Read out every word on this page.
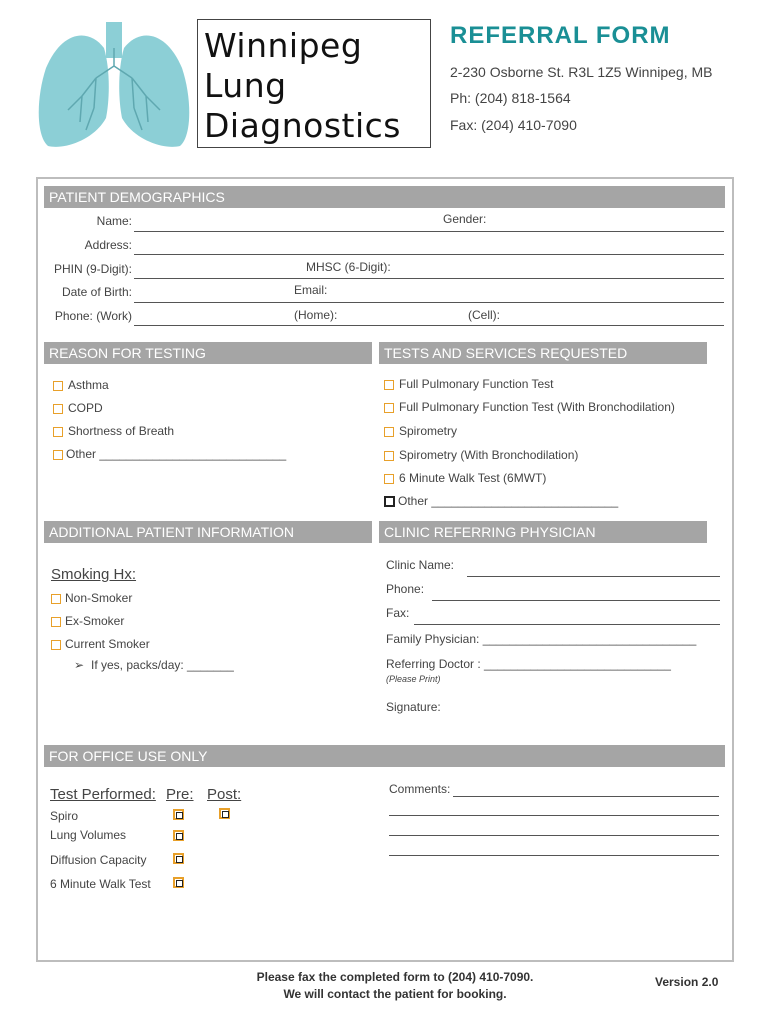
Winnipeg
Lung
Diagnostics
REFERRAL FORM
2-230 Osborne St. R3L 1Z5 Winnipeg, MB
Ph: (204) 818-1564
Fax: (204) 410-7090
PATIENT DEMOGRAPHICS
Name:	Gender:
Address:
PHIN (9-Digit):	MHSC (6-Digit):
Date of Birth:	Email:
Phone: (Work)	(Home):	(Cell):
REASON FOR TESTING
Asthma
COPD
Shortness of Breath
Other ____________________________
TESTS AND SERVICES REQUESTED
Full Pulmonary Function Test
Full Pulmonary Function Test (With Bronchodilation)
Spirometry
Spirometry (With Bronchodilation)
6 Minute Walk Test (6MWT)
Other ____________________________
ADDITIONAL PATIENT INFORMATION
Smoking Hx:
Non-Smoker
Ex-Smoker
Current Smoker
➢ If yes, packs/day: _______
CLINIC REFERRING PHYSICIAN
Clinic Name:
Phone:
Fax:
Family Physician: ________________________________
Referring Doctor : ____________________________
(Please Print)
Signature:
FOR OFFICE USE ONLY
Test Performed: Pre: Post:
Spiro
Lung Volumes
Diffusion Capacity
6 Minute Walk Test
Comments:
Please fax the completed form to (204) 410-7090.
We will contact the patient for booking.
Version 2.0
